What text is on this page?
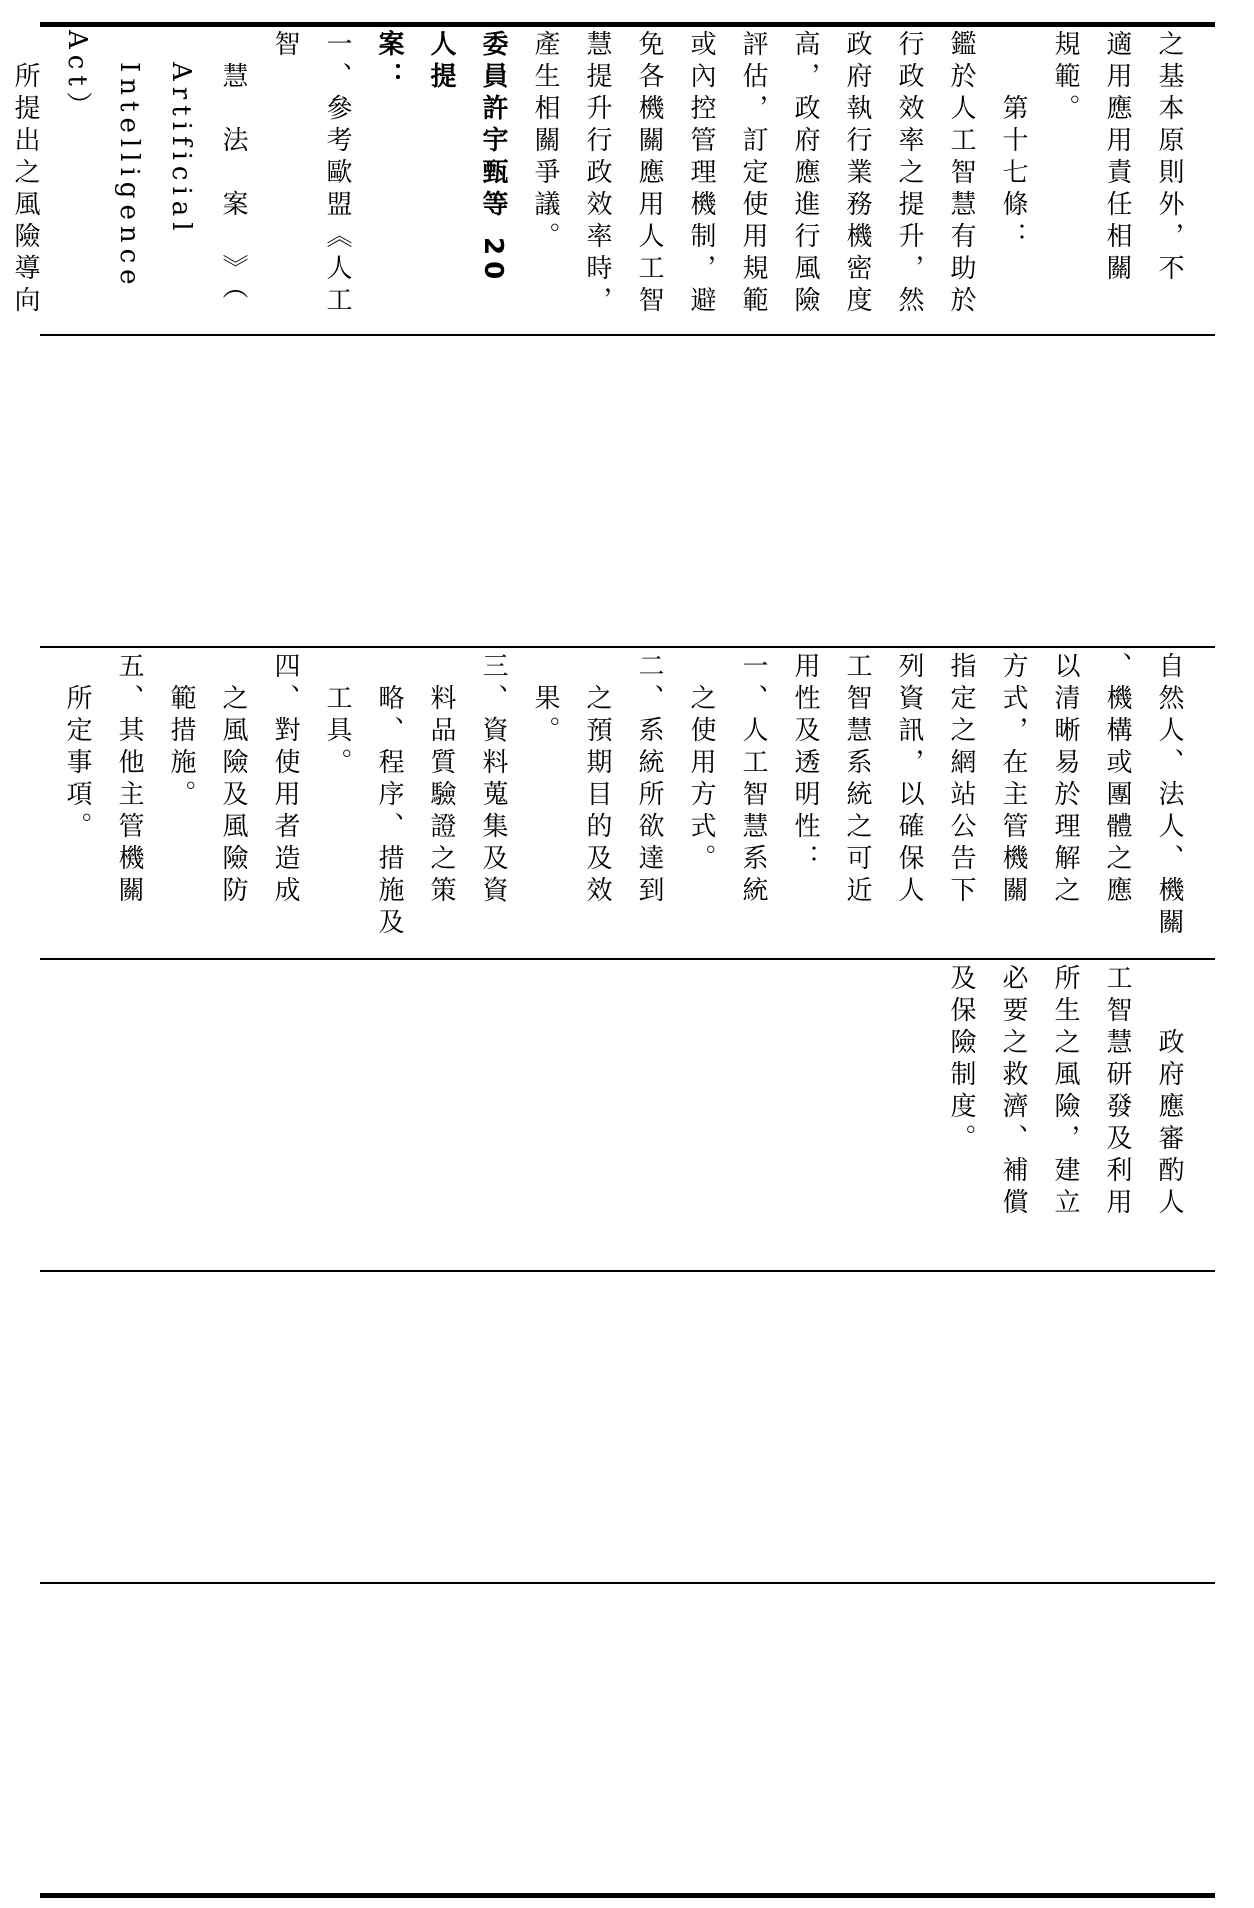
之基本原則外，不

適用應用責任相關

規範。

　　第十七條：

鑑於人工智慧有助於

行政效率之提升，然

政府執行業務機密度

高，政府應進行風險

評估，訂定使用規範

或內控管理機制，避

免各機關應用人工智

慧提升行政效率時，

產生相關爭議。

委員許宇甄等 20 人提

案：

一、參考歐盟《人工智

　慧　法　案　》（

　Artificial

　Intelligence Act）

　所提出之風險導向

自然人、法人、機關

、機構或團體之應

以清晰易於理解之

方式，在主管機關

指定之網站公告下

列資訊，以確保人

工智慧系統之可近

用性及透明性：

一、人工智慧系統

　之使用方式。

二、系統所欲達到

　之預期目的及效

　果。

三、資料蒐集及資

　料品質驗證之策

　略、程序、措施及

　工具。

四、對使用者造成

　之風險及風險防

　範措施。

五、其他主管機關

　所定事項。

　　政府應審酌人

工智慧研發及利用

所生之風險，建立

必要之救濟、補償

及保險制度。
